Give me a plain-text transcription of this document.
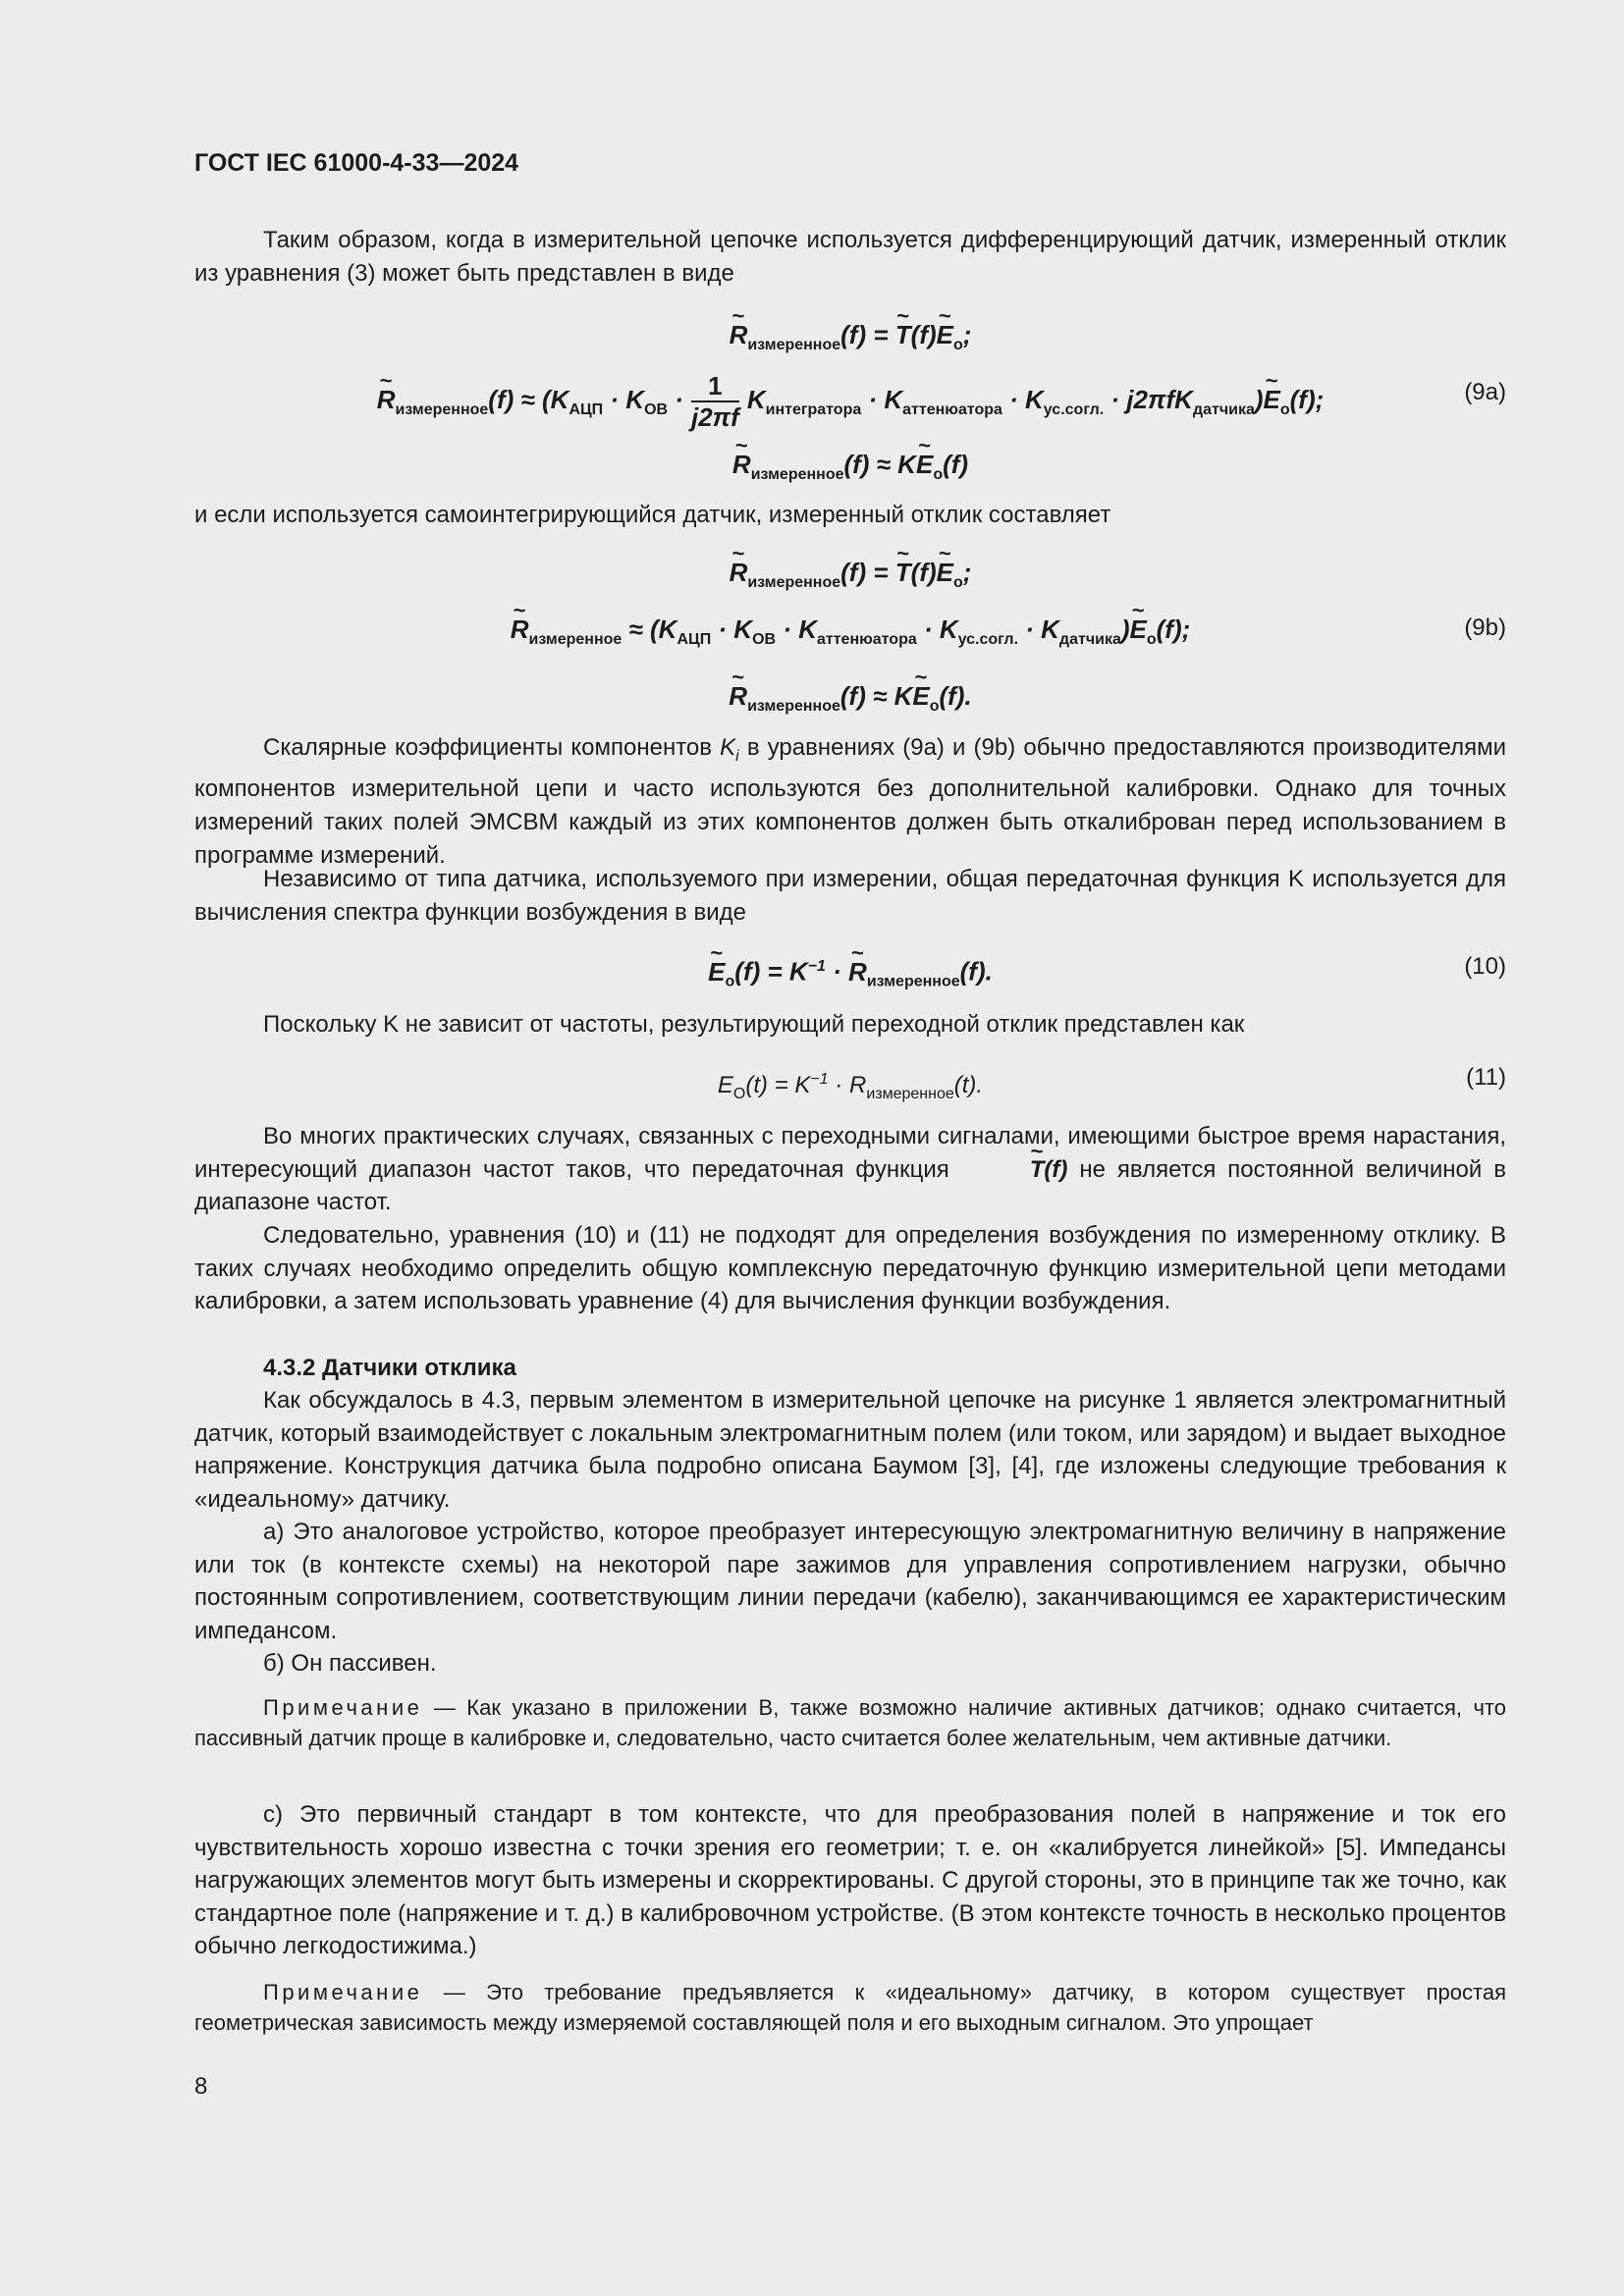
ГОСТ IEC 61000-4-33—2024

Таким образом, когда в измерительной цепочке используется дифференцирующий датчик, измеренный отклик из уравнения (3) может быть представлен в виде

~ $R_{измеренное}(f)$ = ~ T(f)~ $E_o$;
~ $R_{измеренное}(f) \approx (K_{АЦП} \cdot K_{ОВ} \cdot \frac{1}{j2\pi f} K_{интегратора} \cdot K_{аттенюатора} \cdot K_{ус.согл.}$ · j2πfK$_{датчика}$)~ $E_o(f)$;	(9a)
~ $R_{измеренное}(f)$ ≈ K~ $E_o(f)$

и если используется самоинтегрирующийся датчик, измеренный отклик составляет

~ $R_{измеренное}(f)$ = ~ T(f)~ $E_o$;
~ $R_{измеренное} \approx (K_{АЦП} \cdot K_{ОВ} \cdot K_{аттенюатора} \cdot K_{ус.согл.}$ · $K_{датчика})\sim$ $E_o(f)$;	(9b)
~ $R_{измеренное}(f)$ ≈ K~ $E_o(f)$.

Скалярные коэффициенты компонентов $K_i$ в уравнениях (9a) и (9b) обычно предоставляются производителями компонентов измерительной цепи и часто используются без дополнительной калибровки. Однако для точных измерений таких полей ЭМСВМ каждый из этих компонентов должен быть откалиброван перед использованием в программе измерений.

Независимо от типа датчика, используемого при измерении, общая передаточная функция K используется для вычисления спектра функции возбуждения в виде

~ $E_o(f) = K^{-1}$ · ~ $R_{измеренное}(f)$.	(10)

Поскольку K не зависит от частоты, результирующий переходной отклик представлен как

$E_O(t) = K^{-1} \cdot R_{измеренное}(t)$.	(11)

Во многих практических случаях, связанных с переходными сигналами, имеющими быстрое время нарастания, интересующий диапазон частот таков, что передаточная функция ~	T(f) не является постоянной величиной в диапазоне частот.

Следовательно, уравнения (10) и (11) не подходят для определения возбуждения по измеренному отклику. В таких случаях необходимо определить общую комплексную передаточную функцию измерительной цепи методами калибровки, а затем использовать уравнение (4) для вычисления функции возбуждения.

4.3.2 Датчики отклика

Как обсуждалось в 4.3, первым элементом в измерительной цепочке на рисунке 1 является электромагнитный датчик, который взаимодействует с локальным электромагнитным полем (или током, или зарядом) и выдает выходное напряжение. Конструкция датчика была подробно описана Баумом [3], [4], где изложены следующие требования к «идеальному» датчику.

а) Это аналоговое устройство, которое преобразует интересующую электромагнитную величину в напряжение или ток (в контексте схемы) на некоторой паре зажимов для управления сопротивлением нагрузки, обычно постоянным сопротивлением, соответствующим линии передачи (кабелю), заканчивающимся ее характеристическим импедансом.

б) Он пассивен.

Примечание — Как указано в приложении В, также возможно наличие активных датчиков; однако считается, что пассивный датчик проще в калибровке и, следовательно, часто считается более желательным, чем активные датчики.

с) Это первичный стандарт в том контексте, что для преобразования полей в напряжение и ток его чувствительность хорошо известна с точки зрения его геометрии; т. е. он «калибруется линейкой» [5]. Импедансы нагружающих элементов могут быть измерены и скорректированы. С другой стороны, это в принципе так же точно, как стандартное поле (напряжение и т. д.) в калибровочном устройстве. (В этом контексте точность в несколько процентов обычно легкодостижима.)

Примечание — Это требование предъявляется к «идеальному» датчику, в котором существует простая геометрическая зависимость между измеряемой составляющей поля и его выходным сигналом. Это упрощает

8
